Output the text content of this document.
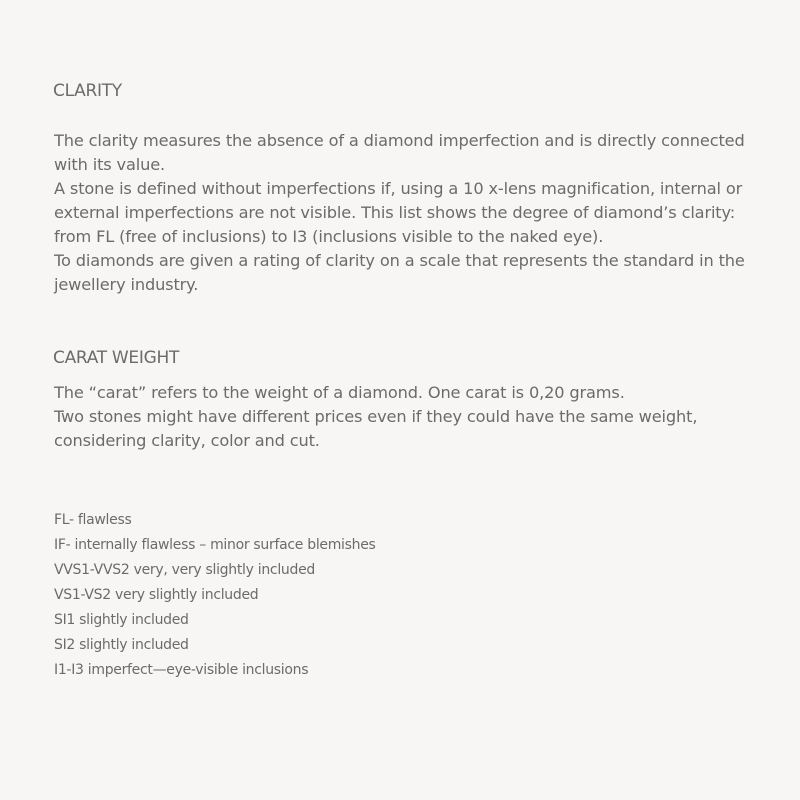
CLARITY

The clarity measures the absence of a diamond imperfection and is directly connected with its value.

A stone is defined without imperfections if, using a 10 x-lens magnification, internal or external imperfections are not visible. This list shows the degree of diamond’s clarity: from FL (free of inclusions) to I3 (inclusions visible to the naked eye).

To diamonds are given a rating of clarity on a scale that represents the standard in the jewellery industry.

CARAT WEIGHT

The “carat” refers to the weight of a diamond. One carat is 0,20 grams.

Two stones might have different prices even if they could have the same weight, considering clarity, color and cut.

FL- flawless
IF- internally flawless – minor surface blemishes
VVS1-VVS2 very, very slightly included
VS1-VS2 very slightly included
SI1 slightly included
SI2 slightly included
I1-I3 imperfect—eye-visible inclusions
